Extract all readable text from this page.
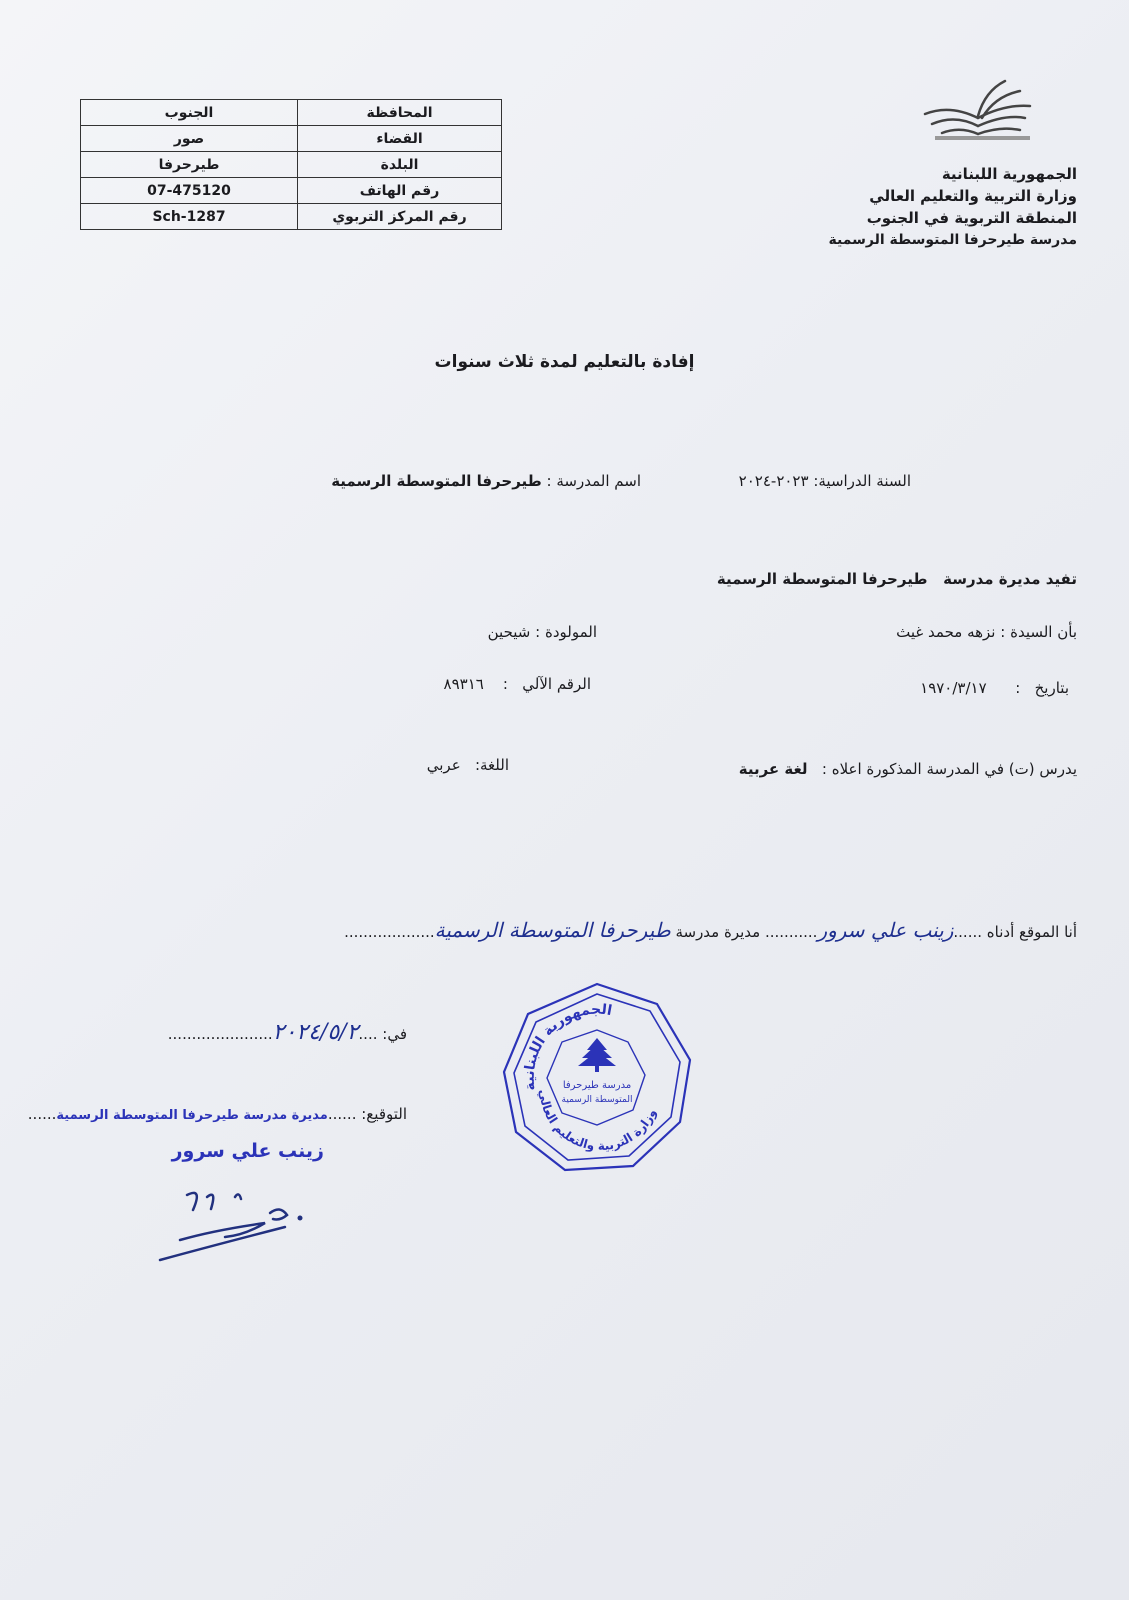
الجنوب	المحافظة
صور	القضاء
طيرحرفا	البلدة
07-475120	رقم الهاتف
Sch-1287	رقم المركز التربوي
الجمهورية اللبنانية
وزارة التربية والتعليم العالي
المنطقة التربوية في الجنوب
مدرسة طيرحرفا المتوسطة الرسمية
إفادة بالتعليم لمدة ثلاث سنوات
السنة الدراسية: ٢٠٢٣-٢٠٢٤
اسم المدرسة : طيرحرفا المتوسطة الرسمية
تفيد مديرة مدرسة   طيرحرفا المتوسطة الرسمية
بأن السيدة : نزهه محمد غيث
المولودة : شيحين
بتاريخ   :      ١٩٧٠/٣/١٧
الرقم الآلي   :    ٨٩٣١٦
يدرس (ت) في المدرسة المذكورة اعلاه :   لغة عربية
اللغة:   عربي
أنا الموقع أدناه ......زينب علي سرور........... مديرة مدرسة طيرحرفا المتوسطة الرسمية...................
في: ....٢٠٢٤/٥/٢......................
التوقيع: ......مديرة مدرسة طيرحرفا المتوسطة الرسمية......
زينب علي سرور
الجمهورية اللبنانية
وزارة التربية والتعليم العالي
مدرسة طيرحرفا
المتوسطة الرسمية
